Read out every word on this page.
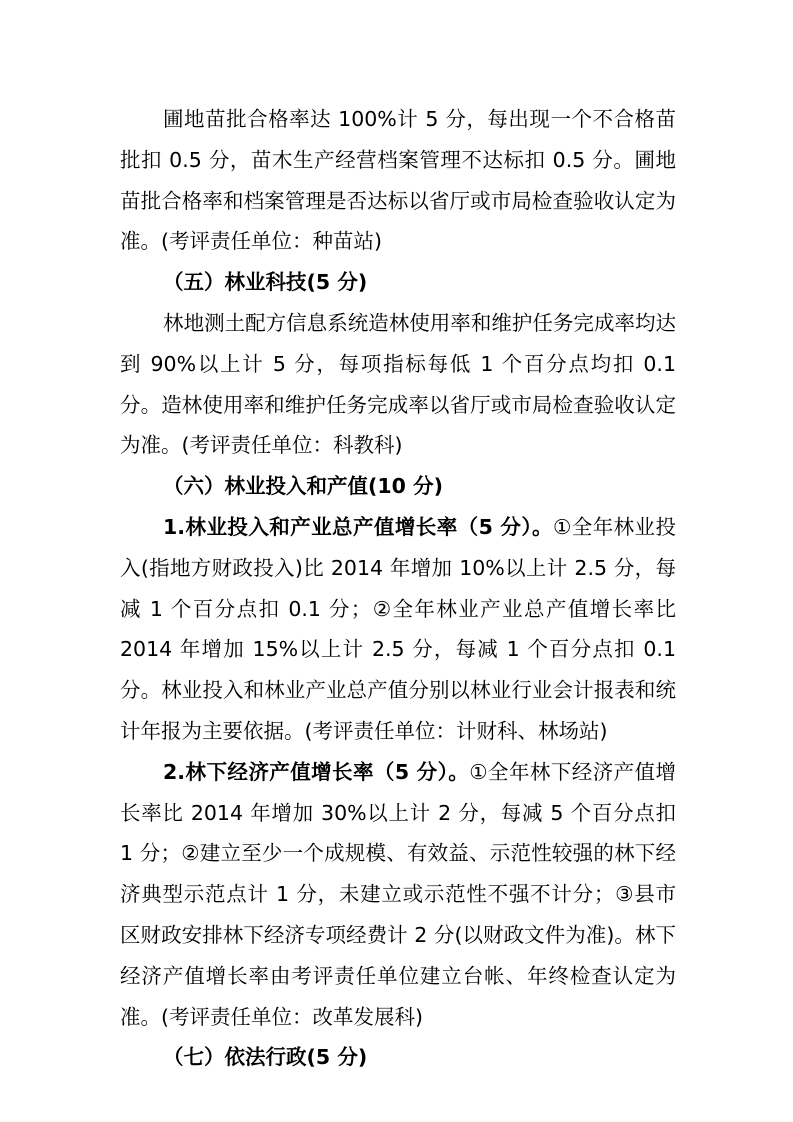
圃地苗批合格率达 100%计 5 分，每出现一个不合格苗批扣 0.5 分，苗木生产经营档案管理不达标扣 0.5 分。圃地苗批合格率和档案管理是否达标以省厅或市局检查验收认定为准。(考评责任单位：种苗站)

（五）林业科技(5 分)

林地测土配方信息系统造林使用率和维护任务完成率均达到 90%以上计 5 分，每项指标每低 1 个百分点均扣 0.1 分。造林使用率和维护任务完成率以省厅或市局检查验收认定为准。(考评责任单位：科教科)

（六）林业投入和产值(10 分)

1.林业投入和产业总产值增长率（5 分）。①全年林业投入(指地方财政投入)比 2014 年增加 10%以上计 2.5 分，每减 1 个百分点扣 0.1 分；②全年林业产业总产值增长率比 2014 年增加 15%以上计 2.5 分，每减 1 个百分点扣 0.1 分。林业投入和林业产业总产值分别以林业行业会计报表和统计年报为主要依据。(考评责任单位：计财科、林场站)

2.林下经济产值增长率（5 分）。①全年林下经济产值增长率比 2014 年增加 30%以上计 2 分，每减 5 个百分点扣 1 分；②建立至少一个成规模、有效益、示范性较强的林下经济典型示范点计 1 分，未建立或示范性不强不计分；③县市区财政安排林下经济专项经费计 2 分(以财政文件为准)。林下经济产值增长率由考评责任单位建立台帐、年终检查认定为准。(考评责任单位：改革发展科)

（七）依法行政(5 分)
